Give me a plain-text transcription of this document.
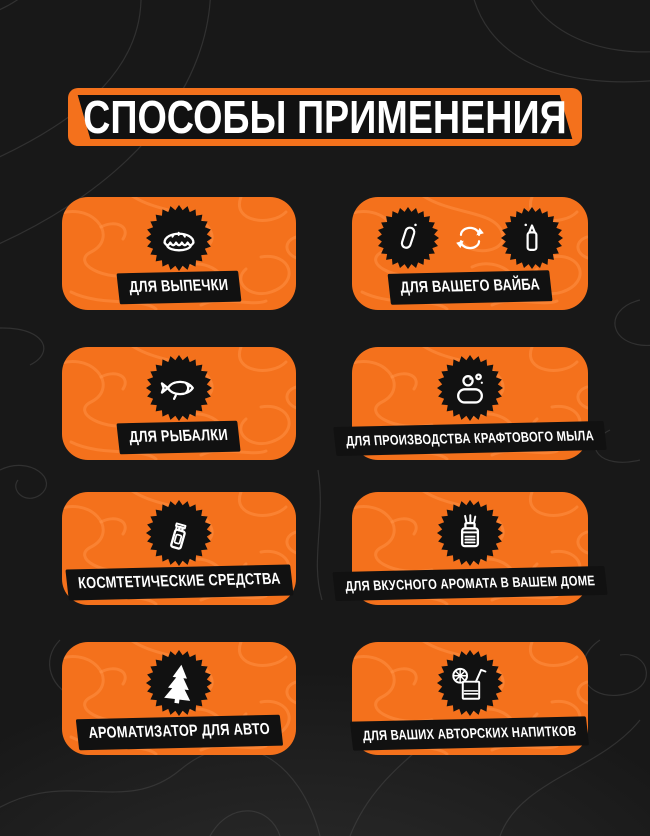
СПОСОБЫ ПРИМЕНЕНИЯ
ДЛЯ ВЫПЕЧКИ	ДЛЯ ВАШЕГО ВАЙБА
ДЛЯ РЫБАЛКИ	ДЛЯ ПРОИЗВОДСТВА КРАФТОВОГО МЫЛА
КОСМТЕТИЧЕСКИЕ СРЕДСТВА	ДЛЯ ВКУСНОГО АРОМАТА В ВАШЕМ ДОМЕ
АРОМАТИЗАТОР ДЛЯ АВТО	ДЛЯ ВАШИХ АВТОРСКИХ НАПИТКОВ
